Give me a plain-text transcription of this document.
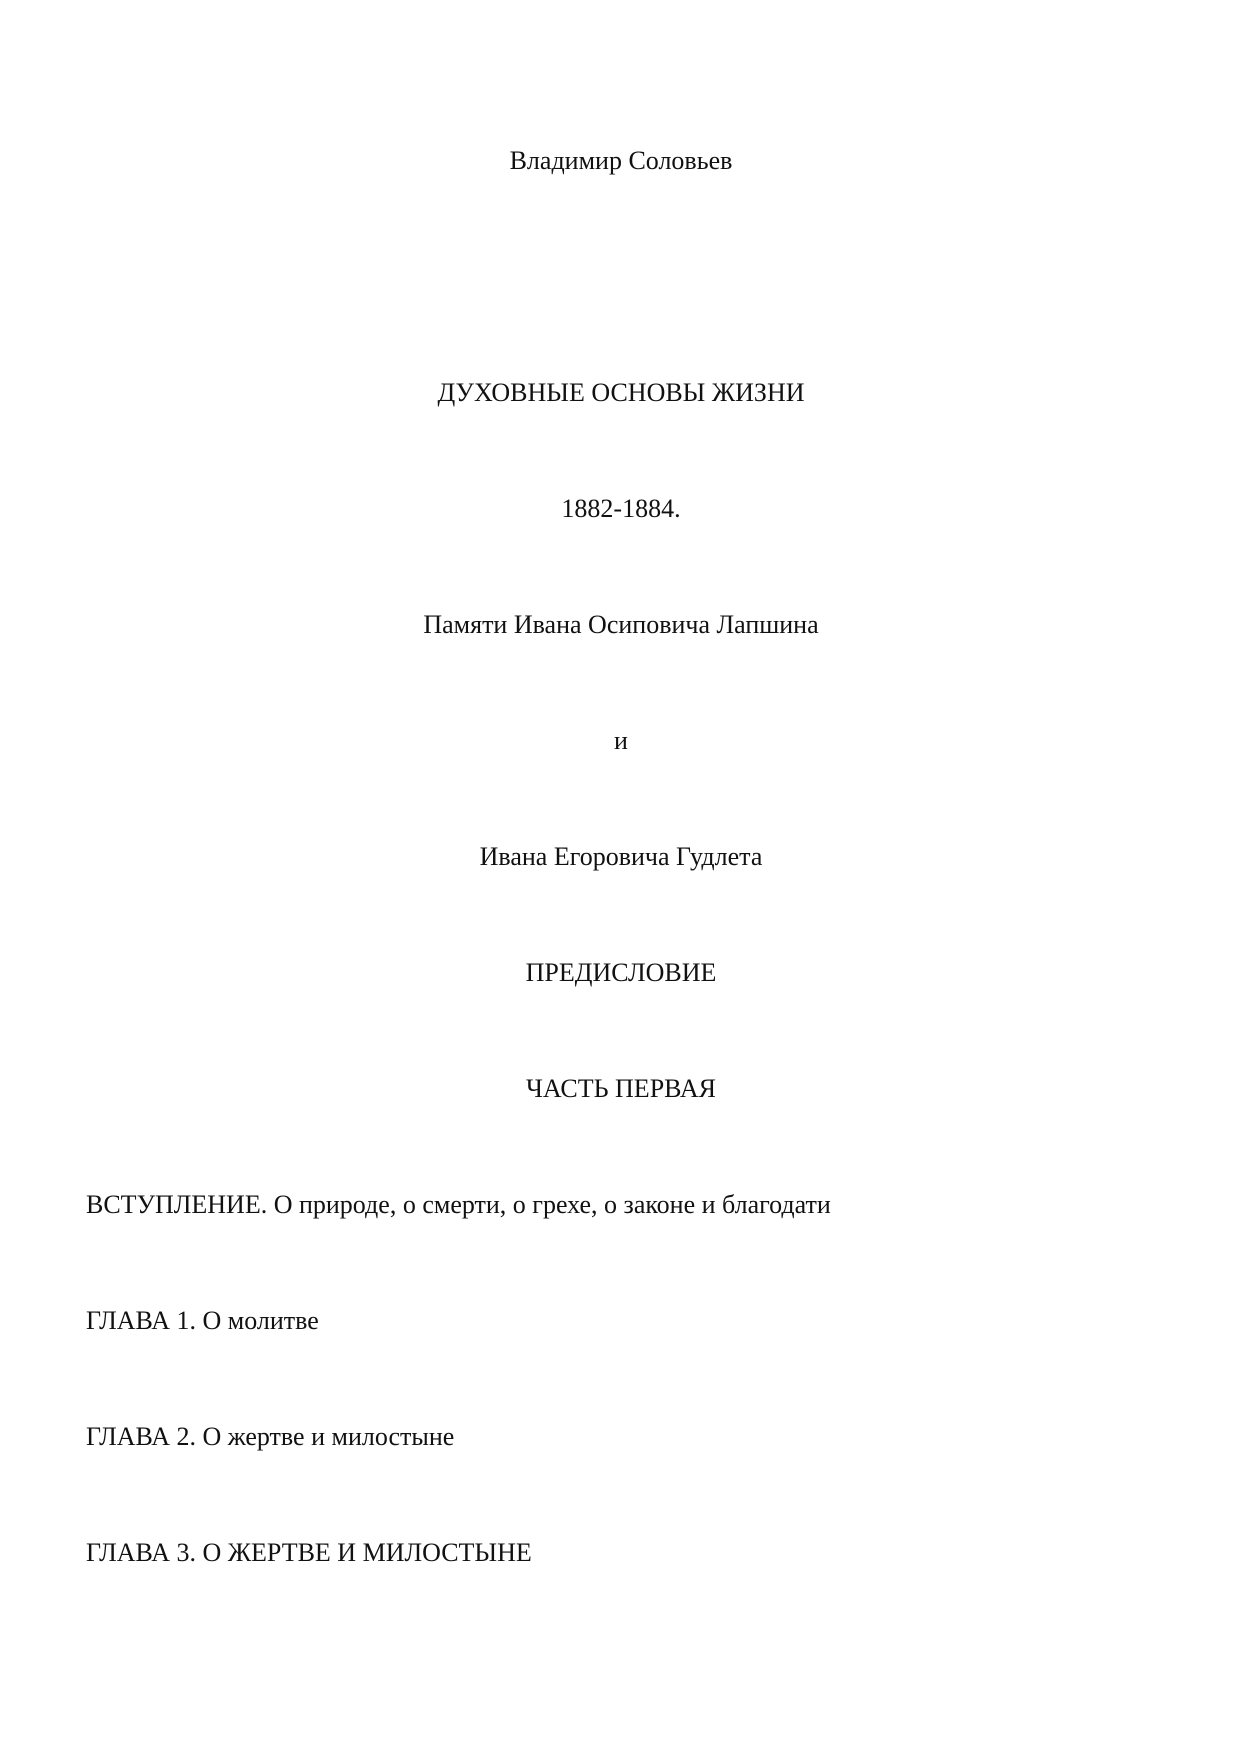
Владимир Соловьев
ДУХОВНЫЕ ОСНОВЫ ЖИЗНИ
1882-1884.
Памяти Ивана Осиповича Лапшина
и
Ивана Егоровича Гудлета
ПРЕДИСЛОВИЕ
ЧАСТЬ ПЕРВАЯ
ВСТУПЛЕНИЕ. О природе, о смерти, о грехе, о законе и благодати
ГЛАВА 1. О молитве
ГЛАВА 2. О жертве и милостыне
ГЛАВА 3. О ЖЕРТВЕ И МИЛОСТЫНЕ
